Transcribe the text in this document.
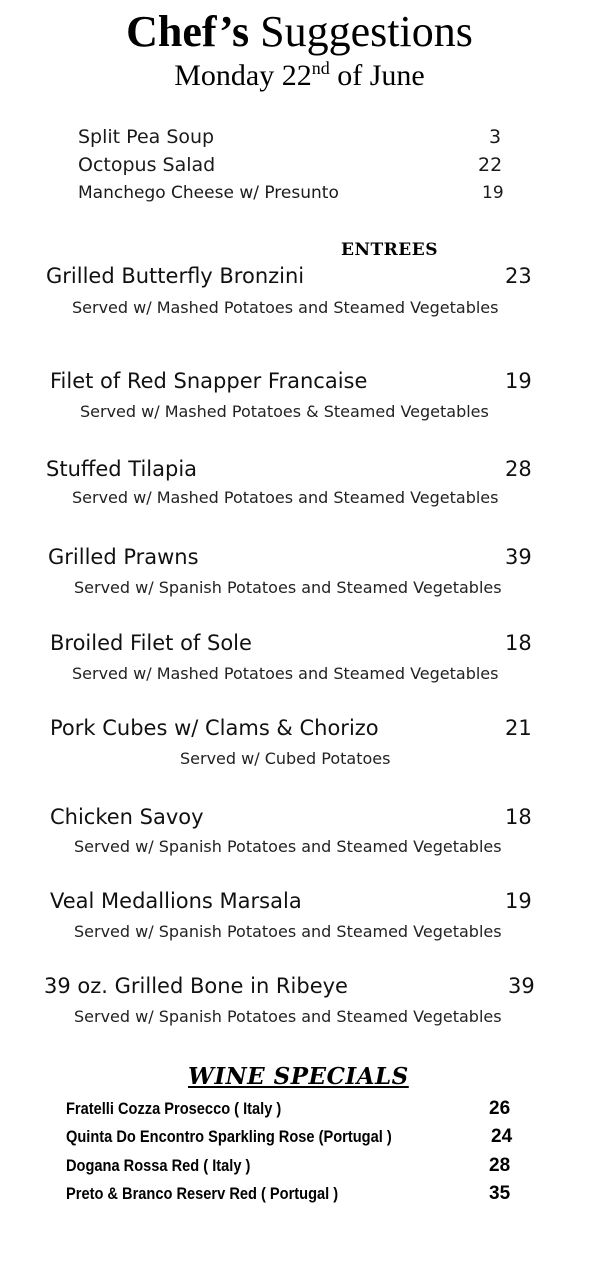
Chef’s Suggestions
Monday 22nd of June
Split Pea Soup	3
Octopus Salad	22
Manchego Cheese w/ Presunto	19
ENTREES
Grilled Butterfly Bronzini	23
Served w/ Mashed Potatoes and Steamed Vegetables
Filet of Red Snapper Francaise	19
Served w/ Mashed Potatoes & Steamed Vegetables
Stuffed Tilapia	28
Served w/ Mashed Potatoes and Steamed Vegetables
Grilled Prawns	39
Served w/ Spanish Potatoes and Steamed Vegetables
Broiled Filet of Sole	18
Served w/ Mashed Potatoes and Steamed Vegetables
Pork Cubes w/ Clams & Chorizo	21
Served w/ Cubed Potatoes
Chicken Savoy	18
Served w/ Spanish Potatoes and Steamed Vegetables
Veal Medallions Marsala	19
Served w/ Spanish Potatoes and Steamed Vegetables
39 oz. Grilled Bone in Ribeye	39
Served w/ Spanish Potatoes and Steamed Vegetables
WINE SPECIALS
Fratelli Cozza Prosecco ( Italy )	26
Quinta Do Encontro Sparkling Rose (Portugal )	24
Dogana Rossa Red ( Italy )	28
Preto & Branco Reserv Red ( Portugal )	35
